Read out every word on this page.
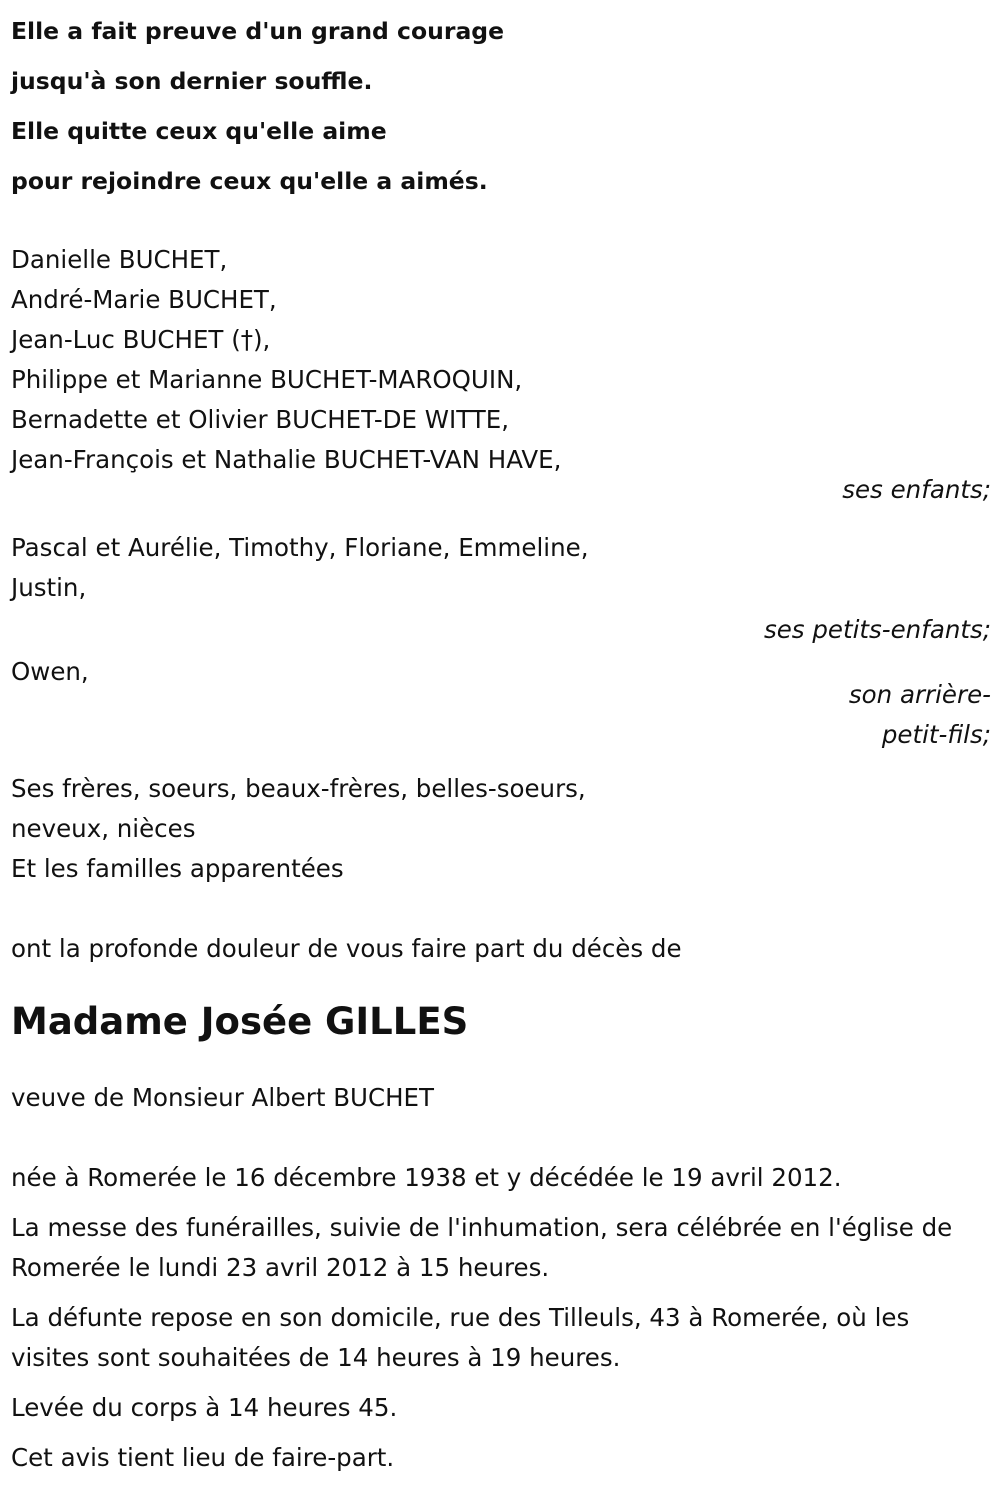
Elle a fait preuve d'un grand courage
jusqu'à son dernier souffle.
Elle quitte ceux qu'elle aime
pour rejoindre ceux qu'elle a aimés.
Danielle BUCHET,
André-Marie BUCHET,
Jean-Luc BUCHET (†),
Philippe et Marianne BUCHET-MAROQUIN,
Bernadette et Olivier BUCHET-DE WITTE,
Jean-François et Nathalie BUCHET-VAN HAVE,
ses enfants;
Pascal et Aurélie, Timothy, Floriane, Emmeline,
Justin,
ses petits-enfants;
Owen,
son arrière-
petit-fils;
Ses frères, soeurs, beaux-frères, belles-soeurs,
neveux, nièces
Et les familles apparentées
ont la profonde douleur de vous faire part du décès de
Madame Josée GILLES
veuve de Monsieur Albert BUCHET
née à Romerée le 16 décembre 1938 et y décédée le 19 avril 2012.
La messe des funérailles, suivie de l'inhumation, sera célébrée en l'église de Romerée le lundi 23 avril 2012 à 15 heures.
La défunte repose en son domicile, rue des Tilleuls, 43 à Romerée, où les visites sont souhaitées de 14 heures à 19 heures.
Levée du corps à 14 heures 45.
Cet avis tient lieu de faire-part.
